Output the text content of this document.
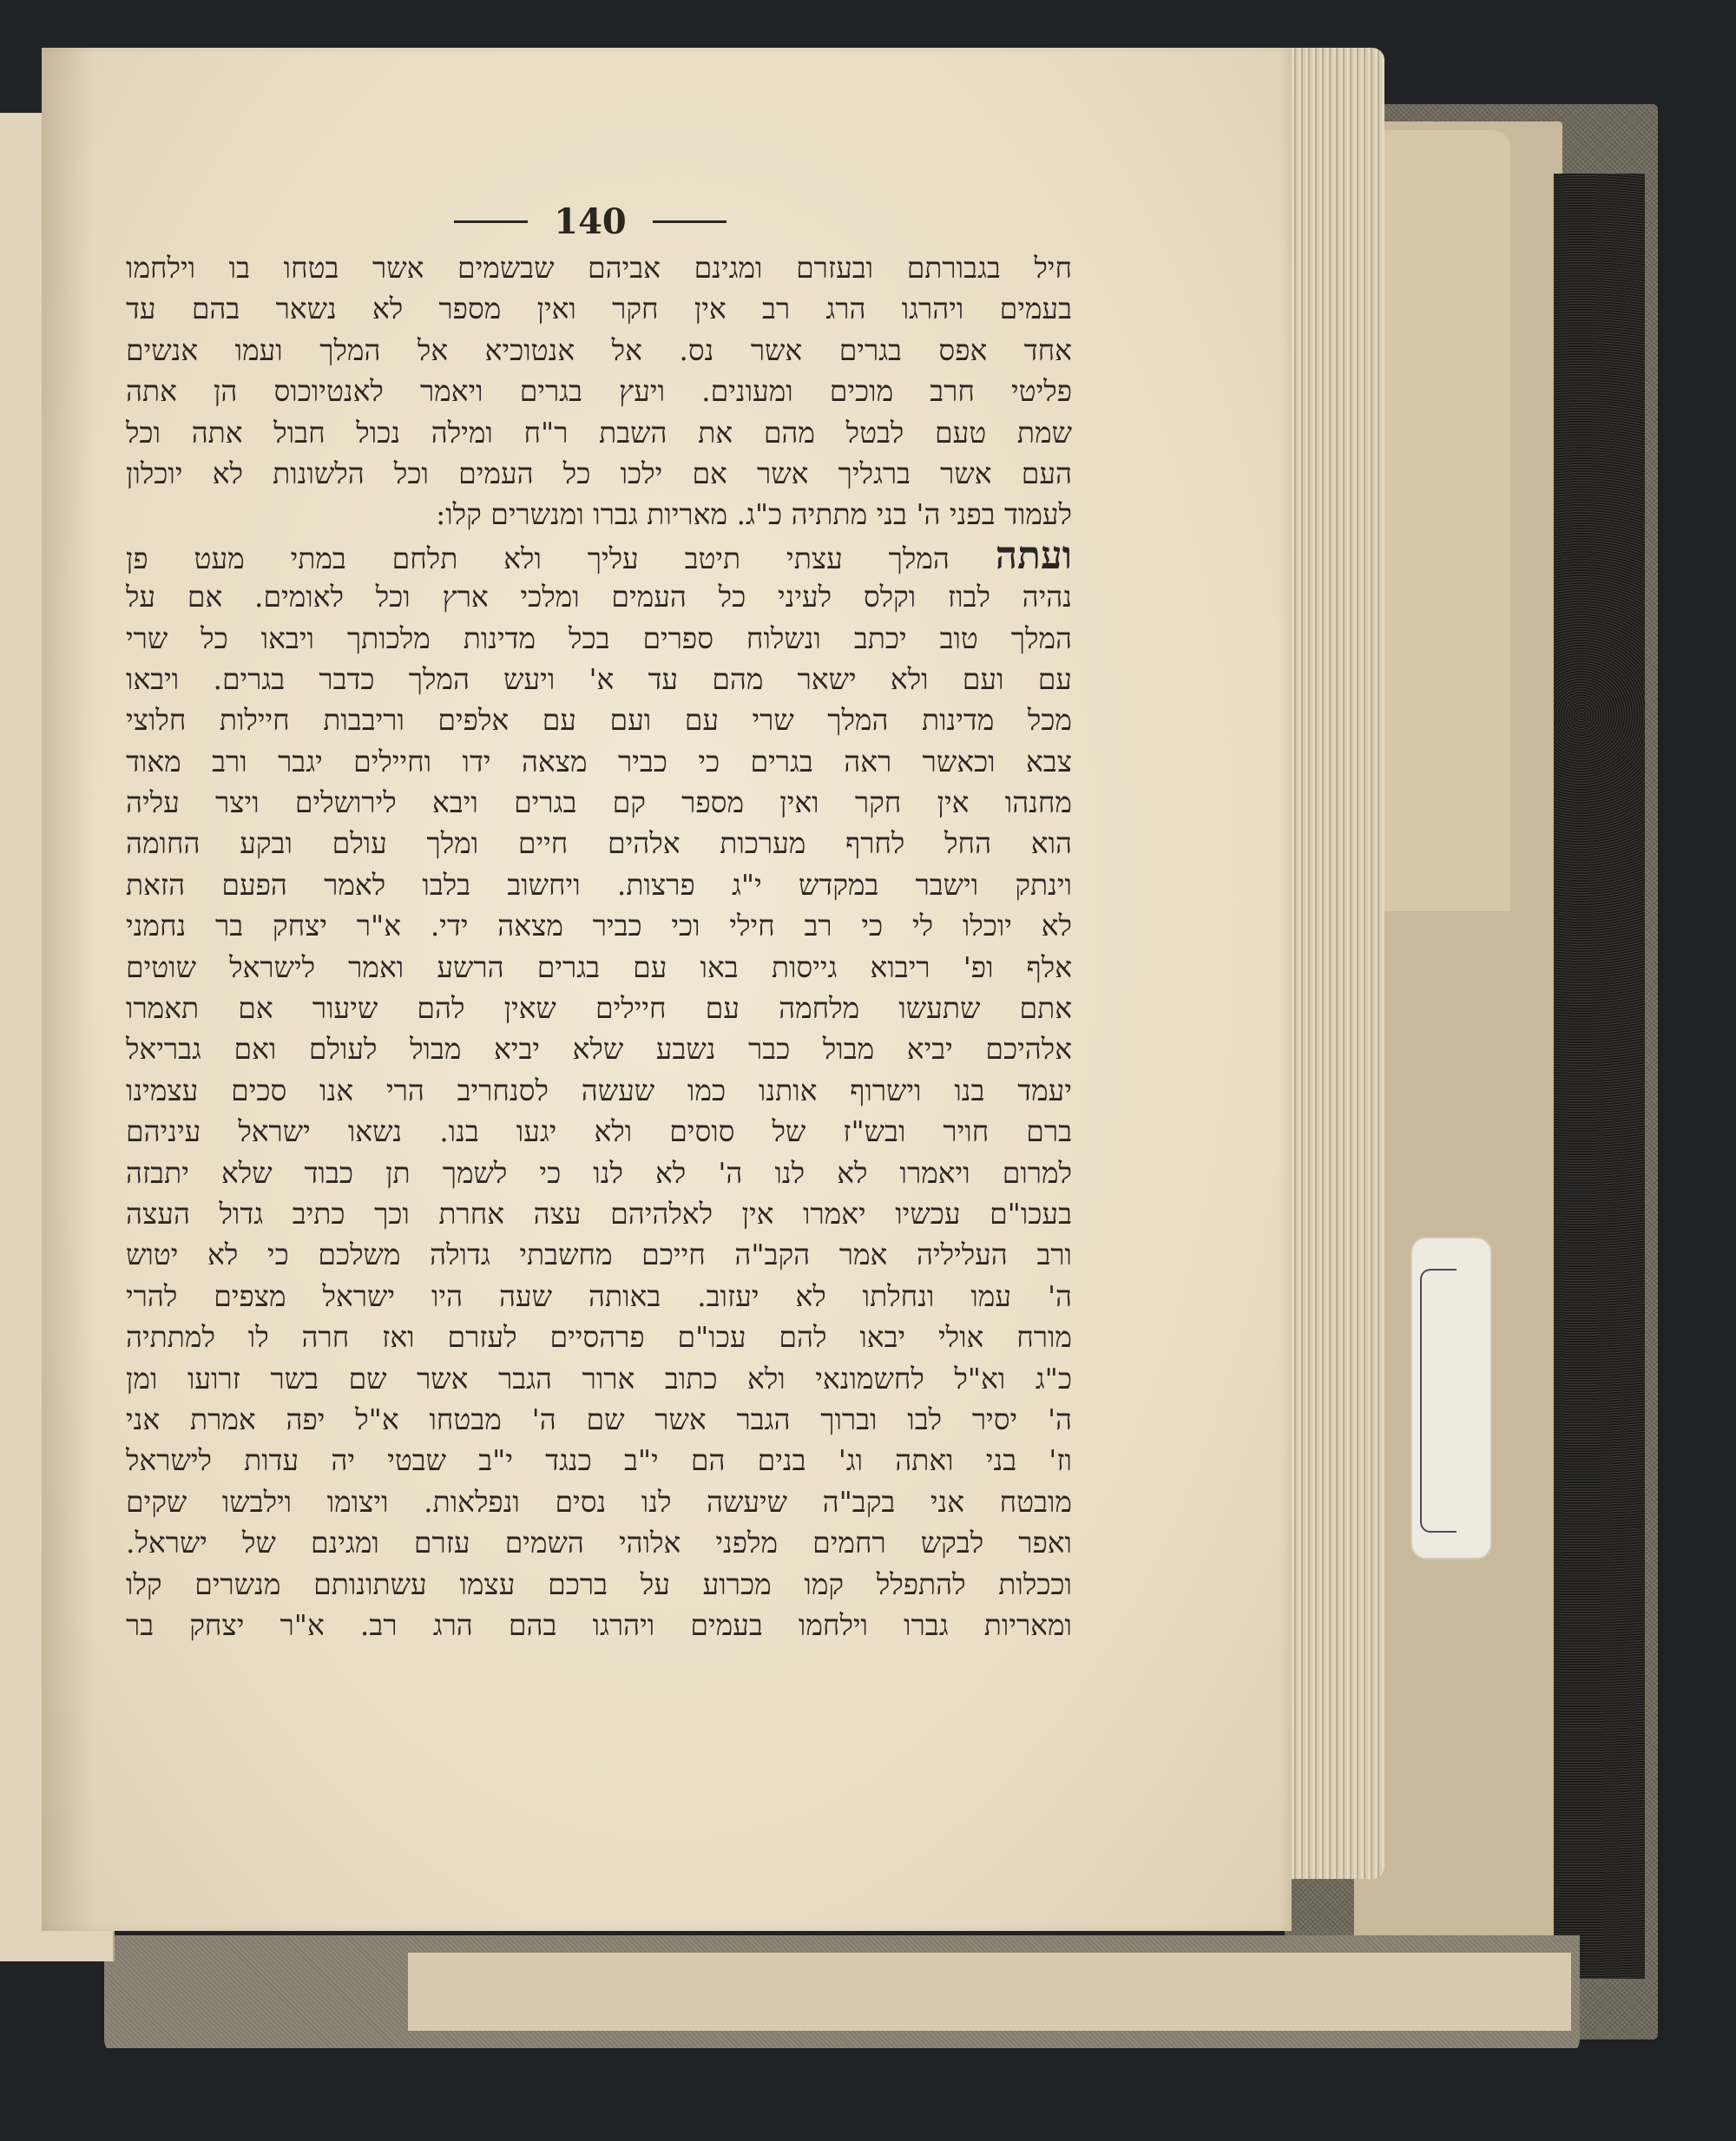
140
חיל בגבורתם ובעזרם ומגינם אביהם שבשמים אשר בטחו בו וילחמו
בעמים ויהרגו הרג רב אין חקר ואין מספר לא נשאר בהם עד
אחד אפס בגרים אשר נס. אל אנטוכיא אל המלך ועמו אנשים
פליטי חרב מוכים ומעונים. ויעץ בגרים ויאמר לאנטיוכוס הן אתה
שמת טעם לבטל מהם את השבת ר"ח ומילה נכול חבול אתה וכל
העם אשר ברגליך אשר אם ילכו כל העמים וכל הלשונות לא יוכלון
לעמוד בפני ה' בני מתתיה כ"ג. מאריות גברו ומנשרים קלו:
ועתה המלך עצתי תיטב עליך ולא תלחם במתי מעט פן
נהיה לבוז וקלס לעיני כל העמים ומלכי ארץ וכל לאומים. אם על
המלך טוב יכתב ונשלוח ספרים בכל מדינות מלכותך ויבאו כל שרי
עם ועם ולא ישאר מהם עד א' ויעש המלך כדבר בגרים. ויבאו
מכל מדינות המלך שרי עם ועם עם אלפים וריבבות חיילות חלוצי
צבא וכאשר ראה בגרים כי כביר מצאה ידו וחיילים יגבר ורב מאוד
מחנהו אין חקר ואין מספר קם בגרים ויבא לירושלים ויצר עליה
הוא החל לחרף מערכות אלהים חיים ומלך עולם ובקע החומה
וינתק וישבר במקדש י"ג פרצות. ויחשוב בלבו לאמר הפעם הזאת
לא יוכלו לי כי רב חילי וכי כביר מצאה ידי. א"ר יצחק בר נחמני
אלף ופ' ריבוא גייסות באו עם בגרים הרשע ואמר לישראל שוטים
אתם שתעשו מלחמה עם חיילים שאין להם שיעור אם תאמרו
אלהיכם יביא מבול כבר נשבע שלא יביא מבול לעולם ואם גבריאל
יעמד בנו וישרוף אותנו כמו שעשה לסנחריב הרי אנו סכים עצמינו
ברם חויר ובש"ז של סוסים ולא יגעו בנו. נשאו ישראל עיניהם
למרום ויאמרו לא לנו ה' לא לנו כי לשמך תן כבוד שלא יתבזה
בעכו"ם עכשיו יאמרו אין לאלהיהם עצה אחרת וכך כתיב גדול העצה
ורב העליליה אמר הקב"ה חייכם מחשבתי גדולה משלכם כי לא יטוש
ה' עמו ונחלתו לא יעזוב. באותה שעה היו ישראל מצפים להרי
מורח אולי יבאו להם עכו"ם פרהסיים לעזרם ואז חרה לו למתתיה
כ"ג וא"ל לחשמונאי ולא כתוב ארור הגבר אשר שם בשר זרועו ומן
ה' יסיר לבו וברוך הגבר אשר שם ה' מבטחו א"ל יפה אמרת אני
וז' בני ואתה וג' בנים הם י"ב כנגד י"ב שבטי יה עדות לישראל
מובטח אני בקב"ה שיעשה לנו נסים ונפלאות. ויצומו וילבשו שקים
ואפר לבקש רחמים מלפני אלוהי השמים עזרם ומגינם של ישראל.
וככלות להתפלל קמו מכרוע על ברכם עצמו עשתונותם מנשרים קלו
ומאריות גברו וילחמו בעמים ויהרגו בהם הרג רב. א"ר יצחק בר
